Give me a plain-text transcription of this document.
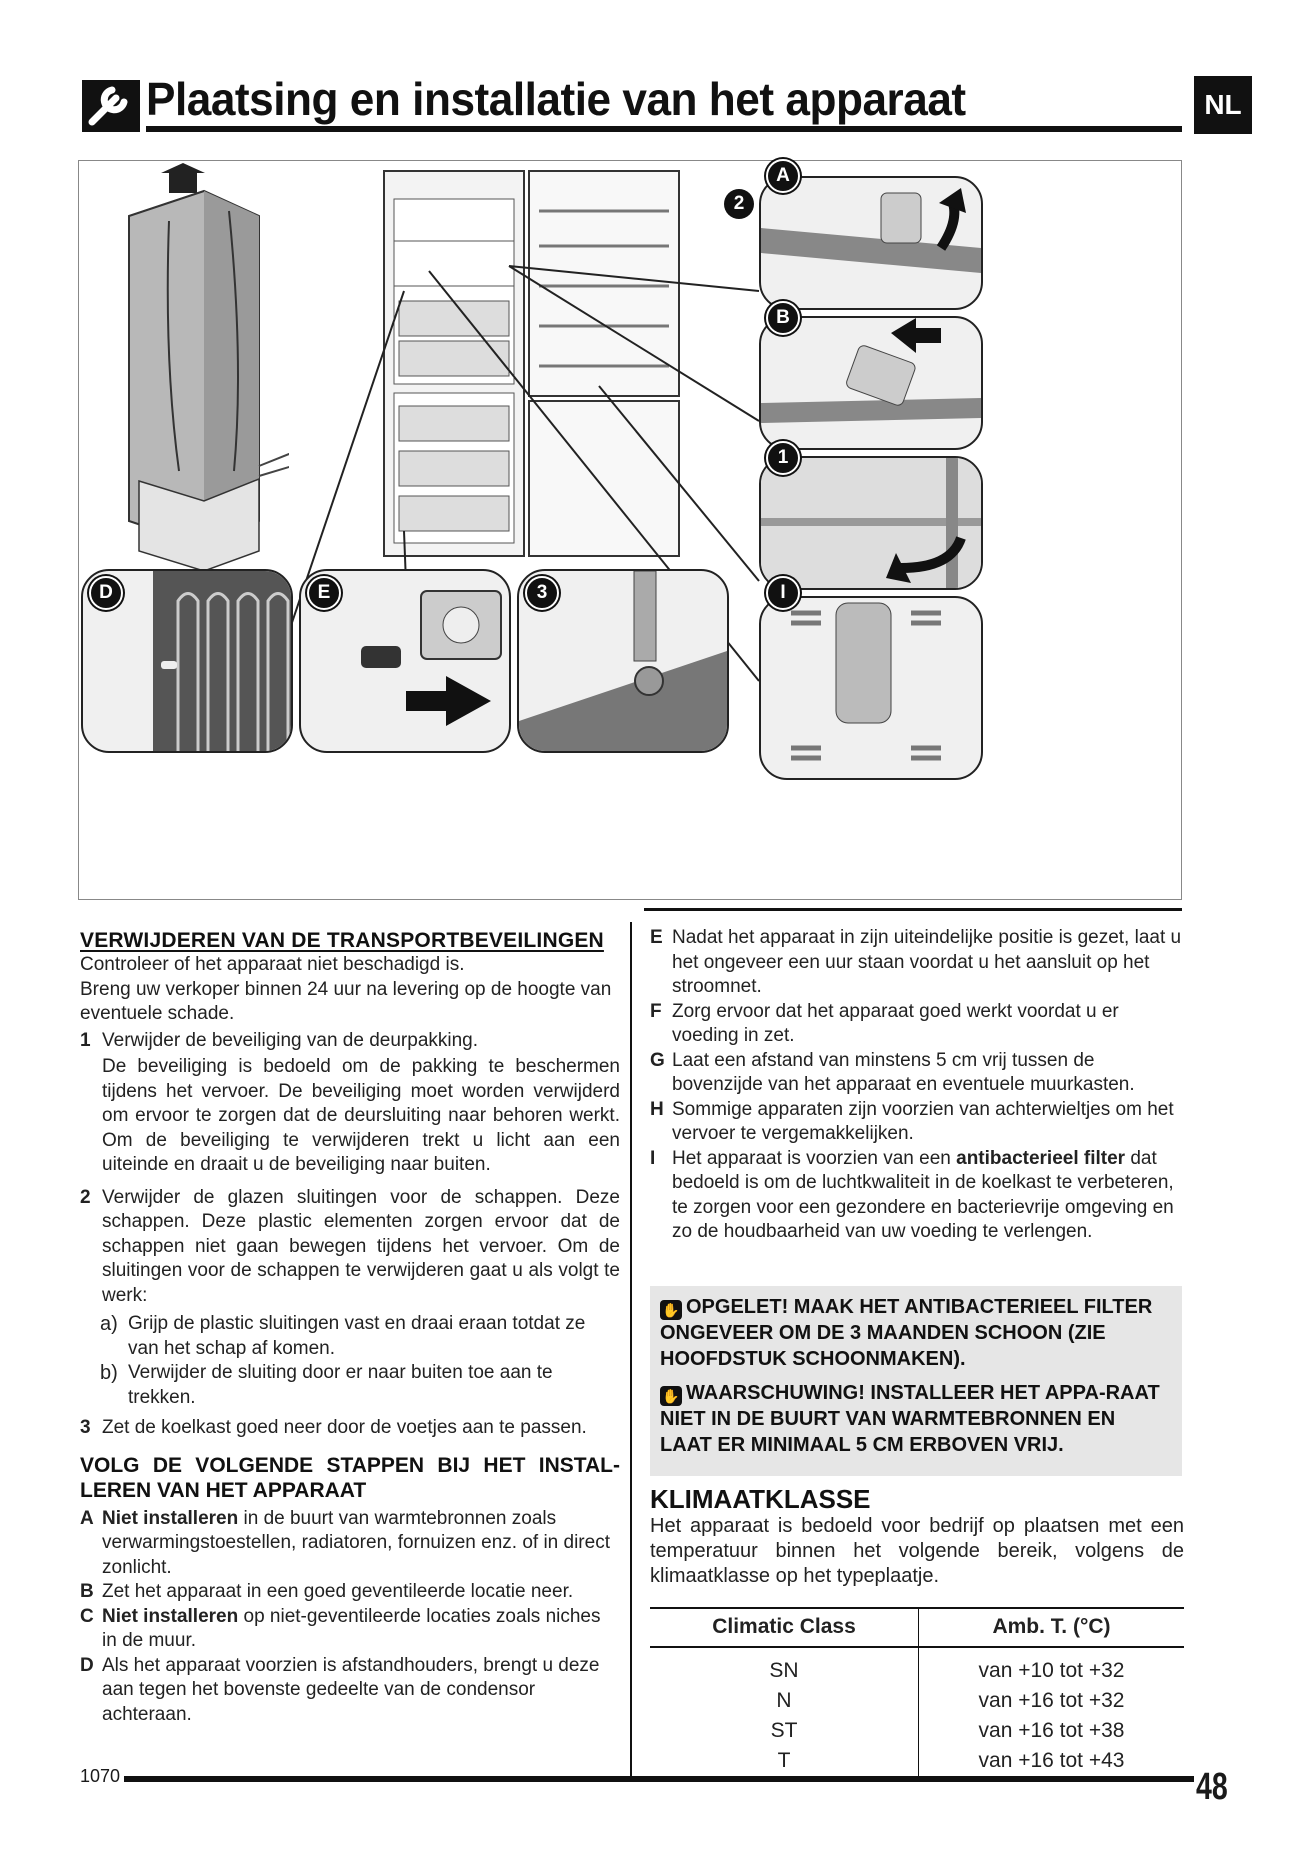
Plaatsing en installatie van het apparaat	NL
A
2
B
1
D	E	3	I
VERWIJDEREN VAN DE TRANSPORTBEVEILINGEN
Controleer of het apparaat niet beschadigd is.
Breng uw verkoper binnen 24 uur na levering op de hoogte van eventuele schade.
1 Verwijder de beveiliging van de deurpakking.
De beveiliging is bedoeld om de pakking te beschermen tijdens het vervoer. De beveiliging moet worden verwijderd om ervoor te zorgen dat de deursluiting naar behoren werkt. Om de beveiliging te verwijderen trekt u licht aan een uiteinde en draait u de beveiliging naar buiten.
2 Verwijder de glazen sluitingen voor de schappen. Deze schappen. Deze plastic elementen zorgen ervoor dat de schappen niet gaan bewegen tijdens het vervoer. Om de sluitingen voor de schappen te verwijderen gaat u als volgt te werk:
a) Grijp de plastic sluitingen vast en draai eraan totdat ze van het schap af komen.
b) Verwijder de sluiting door er naar buiten toe aan te trekken.
3 Zet de koelkast goed neer door de voetjes aan te passen.
VOLG DE VOLGENDE STAPPEN BIJ HET INSTAL-
LEREN VAN HET APPARAAT
A Niet installeren in de buurt van warmtebronnen zoals verwarmingstoestellen, radiatoren, fornuizen enz. of in direct zonlicht.
B Zet het apparaat in een goed geventileerde locatie neer.
C Niet installeren op niet-geventileerde locaties zoals niches in de muur.
D Als het apparaat voorzien is afstandhouders, brengt u deze aan tegen het bovenste gedeelte van de condensor achteraan.
E Nadat het apparaat in zijn uiteindelijke positie is gezet, laat u het ongeveer een uur staan voordat u het aansluit op het stroomnet.
F Zorg ervoor dat het apparaat goed werkt voordat u er voeding in zet.
G Laat een afstand van minstens 5 cm vrij tussen de bovenzijde van het apparaat en eventuele muurkasten.
H Sommige apparaten zijn voorzien van achterwieltjes om het vervoer te vergemakkelijken.
I Het apparaat is voorzien van een antibacterieel filter dat bedoeld is om de luchtkwaliteit in de koelkast te verbeteren, te zorgen voor een gezondere en bacterievrije omgeving en zo de houdbaarheid van uw voeding te verlengen.
✋ OPGELET! MAAK HET ANTIBACTERIEEL FILTER ONGEVEER OM DE 3 MAANDEN SCHOON (ZIE HOOFDSTUK SCHOONMAKEN).
✋ WAARSCHUWING! INSTALLEER HET APPA-RAAT NIET IN DE BUURT VAN WARMTEBRONNEN EN LAAT ER MINIMAAL 5 CM ERBOVEN VRIJ.
KLIMAATKLASSE
Het apparaat is bedoeld voor bedrijf op plaatsen met een temperatuur binnen het volgende bereik, volgens de klimaatklasse op het typeplaatje.
Climatic Class	Amb. T. (°C)
SN	van +10 tot +32
N	van +16 tot +32
ST	van +16 tot +38
T	van +16 tot +43
1070	48
